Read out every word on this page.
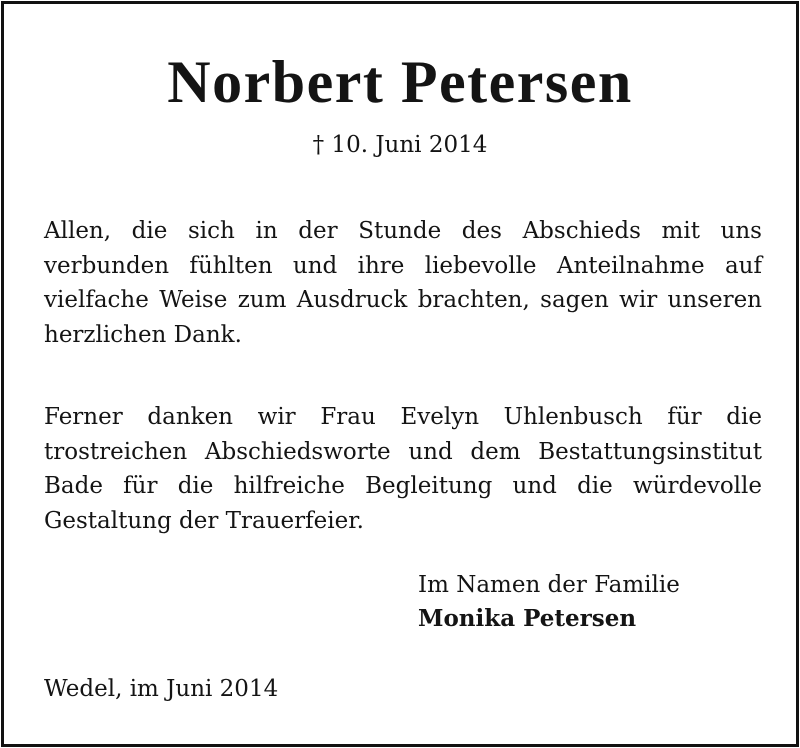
Norbert Petersen

† 10. Juni 2014

Allen, die sich in der Stunde des Abschieds mit uns verbunden fühlten und ihre liebevolle Anteilnahme auf vielfache Weise zum Ausdruck brachten, sagen wir unseren herzlichen Dank.

Ferner danken wir Frau Evelyn Uhlenbusch für die trostreichen Abschiedsworte und dem Bestattungsinstitut Bade für die hilfreiche Begleitung und die würdevolle Gestaltung der Trauerfeier.

Im Namen der Familie
Monika Petersen

Wedel, im Juni 2014
